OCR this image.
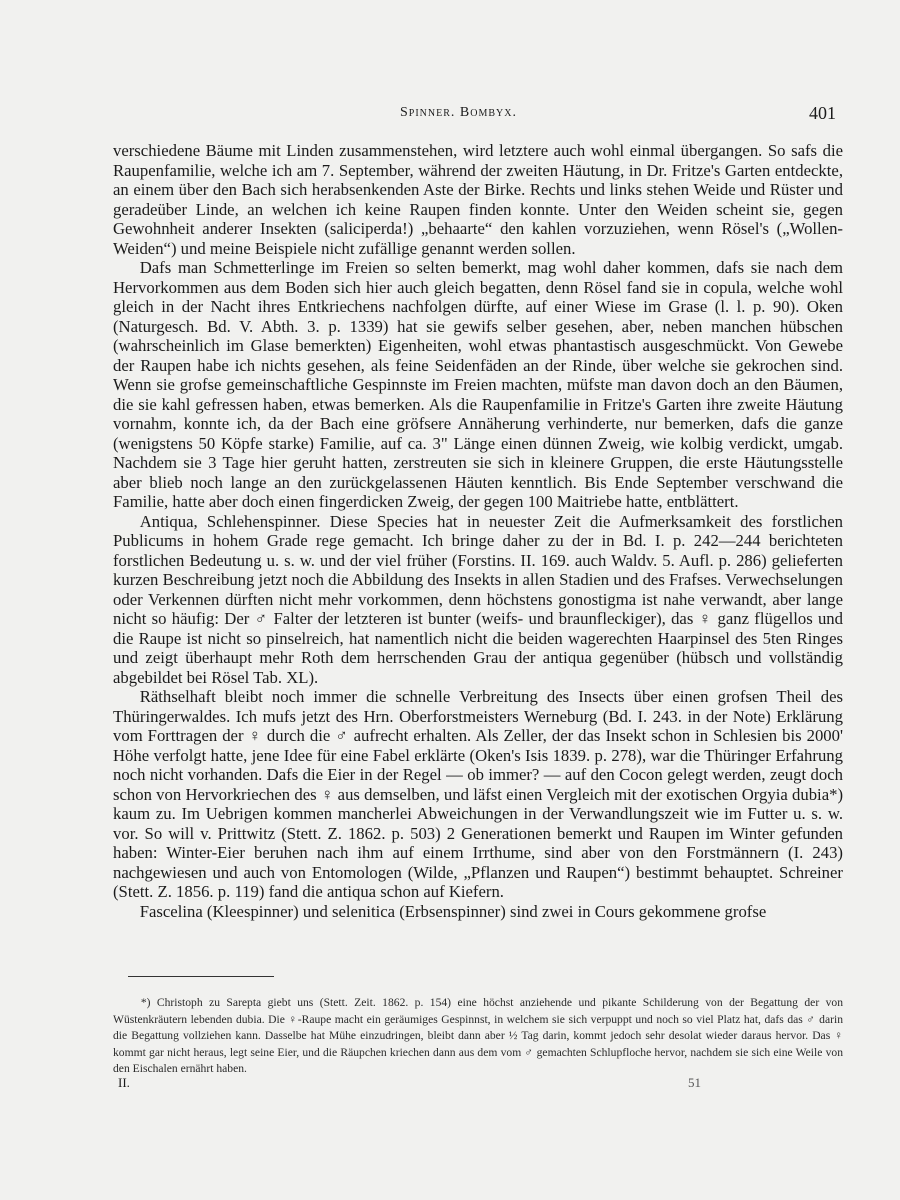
Spinner. Bombyx.	401

verschiedene Bäume mit Linden zusammenstehen, wird letztere auch wohl einmal übergangen. So safs die Raupenfamilie, welche ich am 7. September, während der zweiten Häutung, in Dr. Fritze's Garten entdeckte, an einem über den Bach sich herabsenkenden Aste der Birke. Rechts und links stehen Weide und Rüster und geradeüber Linde, an welchen ich keine Raupen finden konnte. Unter den Weiden scheint sie, gegen Gewohnheit anderer Insekten (saliciperda!) „behaarte“ den kahlen vorzuziehen, wenn Rösel's („Wollen-Weiden“) und meine Beispiele nicht zufällige genannt werden sollen.

Dafs man Schmetterlinge im Freien so selten bemerkt, mag wohl daher kommen, dafs sie nach dem Hervorkommen aus dem Boden sich hier auch gleich begatten, denn Rösel fand sie in copula, welche wohl gleich in der Nacht ihres Entkriechens nachfolgen dürfte, auf einer Wiese im Grase (l. l. p. 90). Oken (Naturgesch. Bd. V. Abth. 3. p. 1339) hat sie gewifs selber gesehen, aber, neben manchen hübschen (wahrscheinlich im Glase bemerkten) Eigenheiten, wohl etwas phantastisch ausgeschmückt. Von Gewebe der Raupen habe ich nichts gesehen, als feine Seidenfäden an der Rinde, über welche sie gekrochen sind. Wenn sie grofse gemeinschaftliche Gespinnste im Freien machten, müfste man davon doch an den Bäumen, die sie kahl gefressen haben, etwas bemerken. Als die Raupenfamilie in Fritze's Garten ihre zweite Häutung vornahm, konnte ich, da der Bach eine gröfsere Annäherung verhinderte, nur bemerken, dafs die ganze (wenigstens 50 Köpfe starke) Familie, auf ca. 3" Länge einen dünnen Zweig, wie kolbig verdickt, umgab. Nachdem sie 3 Tage hier geruht hatten, zerstreuten sie sich in kleinere Gruppen, die erste Häutungsstelle aber blieb noch lange an den zurückgelassenen Häuten kenntlich. Bis Ende September verschwand die Familie, hatte aber doch einen fingerdicken Zweig, der gegen 100 Maitriebe hatte, entblättert.

Antiqua, Schlehenspinner. Diese Species hat in neuester Zeit die Aufmerksamkeit des forstlichen Publicums in hohem Grade rege gemacht. Ich bringe daher zu der in Bd. I. p. 242—244 berichteten forstlichen Bedeutung u. s. w. und der viel früher (Forstins. II. 169. auch Waldv. 5. Aufl. p. 286) gelieferten kurzen Beschreibung jetzt noch die Abbildung des Insekts in allen Stadien und des Frafses. Verwechselungen oder Verkennen dürften nicht mehr vorkommen, denn höchstens gonostigma ist nahe verwandt, aber lange nicht so häufig: Der ♂ Falter der letzteren ist bunter (weifs- und braunfleckiger), das ♀ ganz flügellos und die Raupe ist nicht so pinselreich, hat namentlich nicht die beiden wagerechten Haarpinsel des 5ten Ringes und zeigt überhaupt mehr Roth dem herrschenden Grau der antiqua gegenüber (hübsch und vollständig abgebildet bei Rösel Tab. XL).

Räthselhaft bleibt noch immer die schnelle Verbreitung des Insects über einen grofsen Theil des Thüringerwaldes. Ich mufs jetzt des Hrn. Oberforstmeisters Werneburg (Bd. I. 243. in der Note) Erklärung vom Forttragen der ♀ durch die ♂ aufrecht erhalten. Als Zeller, der das Insekt schon in Schlesien bis 2000' Höhe verfolgt hatte, jene Idee für eine Fabel erklärte (Oken's Isis 1839. p. 278), war die Thüringer Erfahrung noch nicht vorhanden. Dafs die Eier in der Regel — ob immer? — auf den Cocon gelegt werden, zeugt doch schon von Hervorkriechen des ♀ aus demselben, und läfst einen Vergleich mit der exotischen Orgyia dubia*) kaum zu. Im Uebrigen kommen mancherlei Abweichungen in der Verwandlungszeit wie im Futter u. s. w. vor. So will v. Prittwitz (Stett. Z. 1862. p. 503) 2 Generationen bemerkt und Raupen im Winter gefunden haben: Winter-Eier beruhen nach ihm auf einem Irrthume, sind aber von den Forstmännern (I. 243) nachgewiesen und auch von Entomologen (Wilde, „Pflanzen und Raupen“) bestimmt behauptet. Schreiner (Stett. Z. 1856. p. 119) fand die antiqua schon auf Kiefern.

Fascelina (Kleespinner) und selenitica (Erbsenspinner) sind zwei in Cours gekommene grofse

*) Christoph zu Sarepta giebt uns (Stett. Zeit. 1862. p. 154) eine höchst anziehende und pikante Schilderung von der Begattung der von Wüstenkräutern lebenden dubia. Die ♀-Raupe macht ein geräumiges Gespinnst, in welchem sie sich verpuppt und noch so viel Platz hat, dafs das ♂ darin die Begattung vollziehen kann. Dasselbe hat Mühe einzudringen, bleibt dann aber ½ Tag darin, kommt jedoch sehr desolat wieder daraus hervor. Das ♀ kommt gar nicht heraus, legt seine Eier, und die Räupchen kriechen dann aus dem vom ♂ gemachten Schlupfloche hervor, nachdem sie sich eine Weile von den Eischalen ernährt haben.

II.	51
